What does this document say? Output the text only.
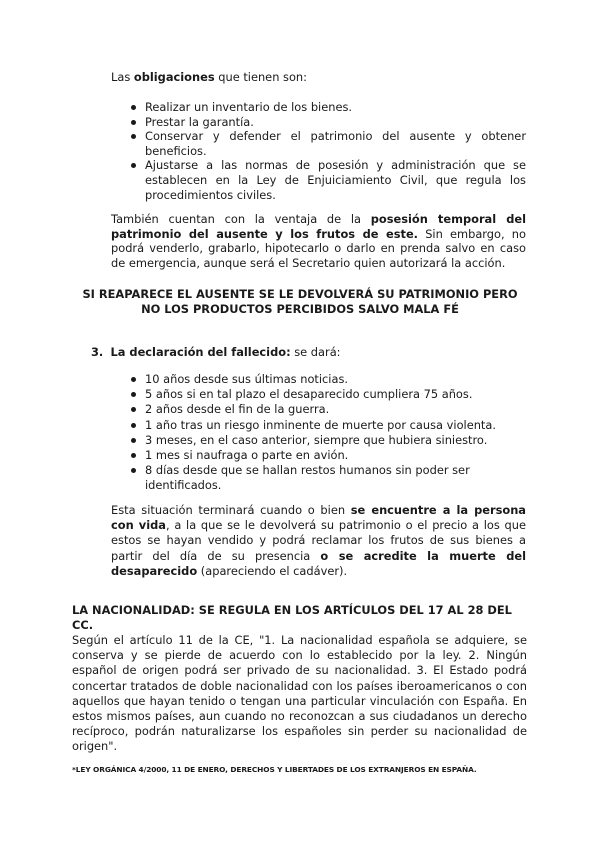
Las obligaciones que tienen son:
Realizar un inventario de los bienes.
Prestar la garantía.
Conservar y defender el patrimonio del ausente y obtener beneficios.
Ajustarse a las normas de posesión y administración que se establecen en la Ley de Enjuiciamiento Civil, que regula los procedimientos civiles.
También cuentan con la ventaja de la posesión temporal del patrimonio del ausente y los frutos de este. Sin embargo, no podrá venderlo, grabarlo, hipotecarlo o darlo en prenda salvo en caso de emergencia, aunque será el Secretario quien autorizará la acción.
SI REAPARECE EL AUSENTE SE LE DEVOLVERÁ SU PATRIMONIO PERO NO LOS PRODUCTOS PERCIBIDOS SALVO MALA FÉ
3. La declaración del fallecido: se dará:
10 años desde sus últimas noticias.
5 años si en tal plazo el desaparecido cumpliera 75 años.
2 años desde el fin de la guerra.
1 año tras un riesgo inminente de muerte por causa violenta.
3 meses, en el caso anterior, siempre que hubiera siniestro.
1 mes si naufraga o parte en avión.
8 días desde que se hallan restos humanos sin poder ser identificados.
Esta situación terminará cuando o bien se encuentre a la persona con vida, a la que se le devolverá su patrimonio o el precio a los que estos se hayan vendido y podrá reclamar los frutos de sus bienes a partir del día de su presencia o se acredite la muerte del desaparecido (apareciendo el cadáver).
LA NACIONALIDAD: SE REGULA EN LOS ARTÍCULOS DEL 17 AL 28 DEL CC.
Según el artículo 11 de la CE, "1. La nacionalidad española se adquiere, se conserva y se pierde de acuerdo con lo establecido por la ley. 2. Ningún español de origen podrá ser privado de su nacionalidad. 3. El Estado podrá concertar tratados de doble nacionalidad con los países iberoamericanos o con aquellos que hayan tenido o tengan una particular vinculación con España. En estos mismos países, aun cuando no reconozcan a sus ciudadanos un derecho recíproco, podrán naturalizarse los españoles sin perder su nacionalidad de origen".
*LEY ORGÁNICA 4/2000, 11 DE ENERO, DERECHOS Y LIBERTADES DE LOS EXTRANJEROS EN ESPAÑA.
